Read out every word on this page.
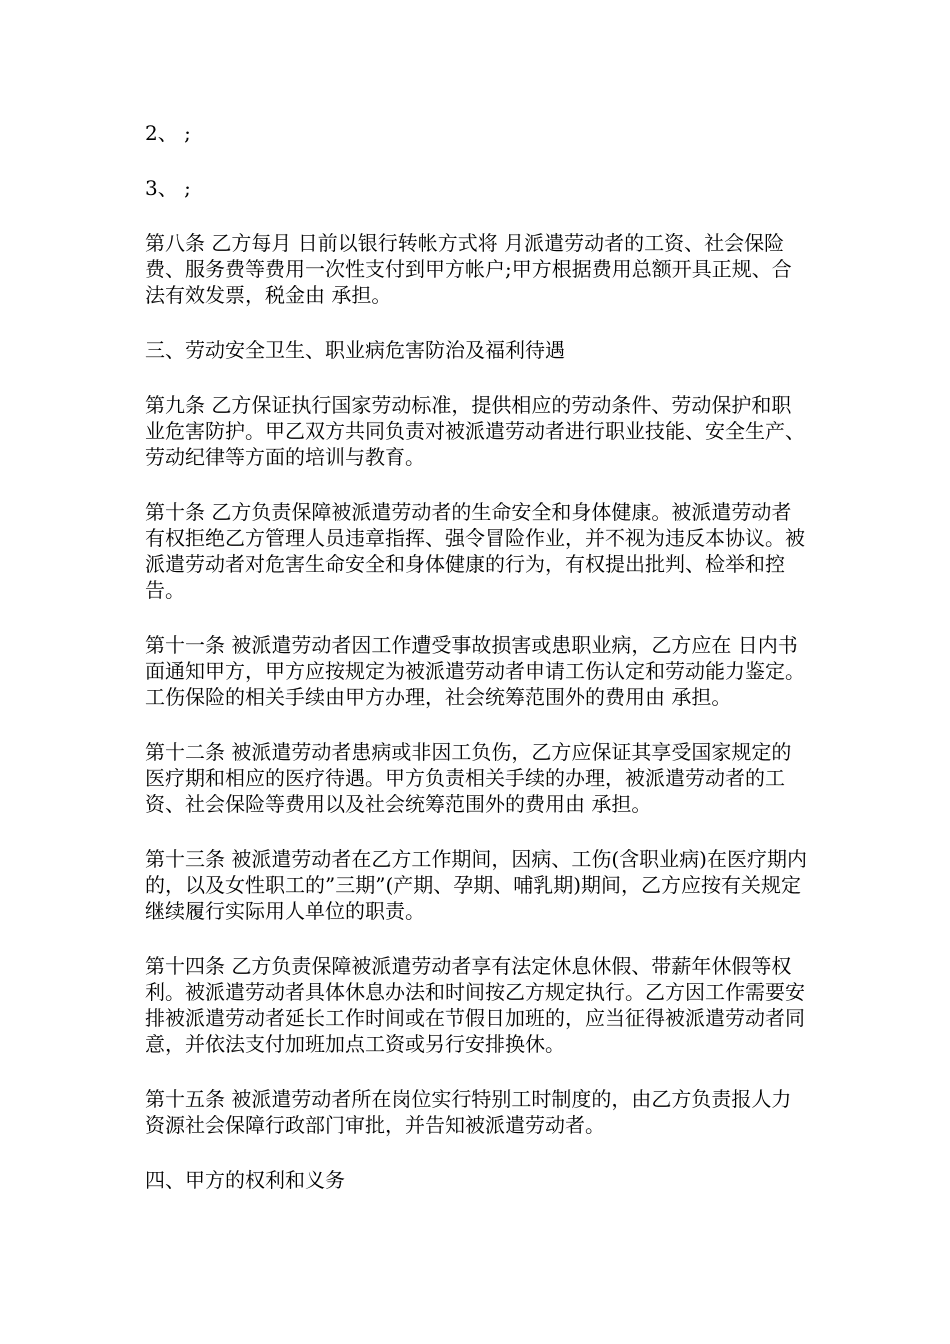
2、 ;

3、 ;

第八条 乙方每月 日前以银行转帐方式将 月派遣劳动者的工资、社会保险费、服务费等费用一次性支付到甲方帐户;甲方根据费用总额开具正规、合法有效发票，税金由 承担。

三、劳动安全卫生、职业病危害防治及福利待遇

第九条 乙方保证执行国家劳动标准，提供相应的劳动条件、劳动保护和职业危害防护。甲乙双方共同负责对被派遣劳动者进行职业技能、安全生产、劳动纪律等方面的培训与教育。

第十条 乙方负责保障被派遣劳动者的生命安全和身体健康。被派遣劳动者有权拒绝乙方管理人员违章指挥、强令冒险作业，并不视为违反本协议。被派遣劳动者对危害生命安全和身体健康的行为，有权提出批判、检举和控告。

第十一条 被派遣劳动者因工作遭受事故损害或患职业病，乙方应在 日内书面通知甲方，甲方应按规定为被派遣劳动者申请工伤认定和劳动能力鉴定。工伤保险的相关手续由甲方办理，社会统筹范围外的费用由 承担。

第十二条 被派遣劳动者患病或非因工负伤，乙方应保证其享受国家规定的医疗期和相应的医疗待遇。甲方负责相关手续的办理，被派遣劳动者的工资、社会保险等费用以及社会统筹范围外的费用由 承担。

第十三条 被派遣劳动者在乙方工作期间，因病、工伤(含职业病)在医疗期内的，以及女性职工的”三期”(产期、孕期、哺乳期)期间，乙方应按有关规定继续履行实际用人单位的职责。

第十四条 乙方负责保障被派遣劳动者享有法定休息休假、带薪年休假等权利。被派遣劳动者具体休息办法和时间按乙方规定执行。乙方因工作需要安排被派遣劳动者延长工作时间或在节假日加班的，应当征得被派遣劳动者同意，并依法支付加班加点工资或另行安排换休。

第十五条 被派遣劳动者所在岗位实行特别工时制度的，由乙方负责报人力资源社会保障行政部门审批，并告知被派遣劳动者。

四、甲方的权利和义务
